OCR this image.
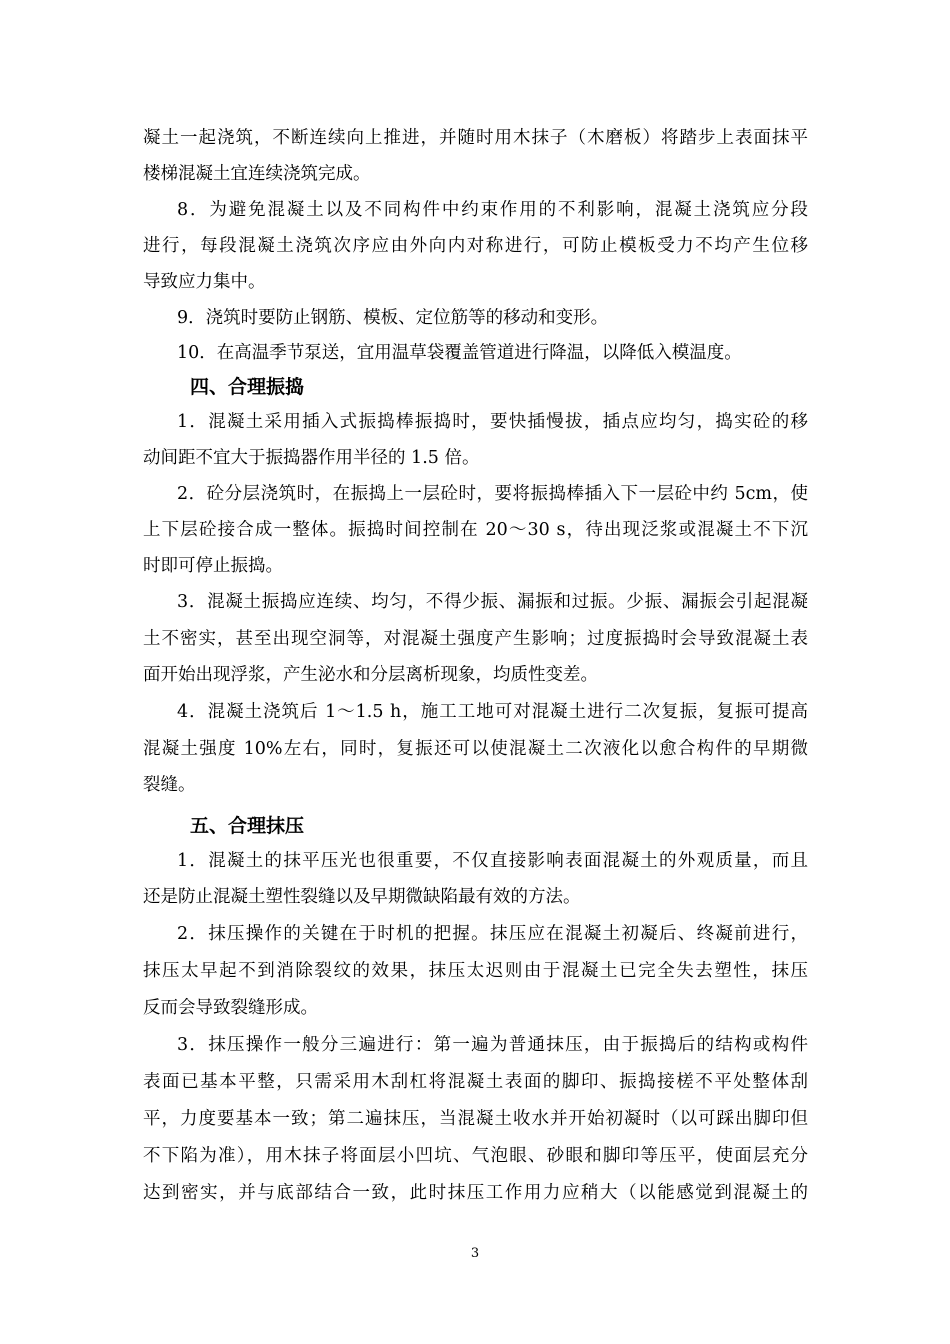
凝土一起浇筑，不断连续向上推进，并随时用木抹子（木磨板）将踏步上表面抹平
楼梯混凝土宜连续浇筑完成。
8．为避免混凝土以及不同构件中约束作用的不利影响，混凝土浇筑应分段
进行，每段混凝土浇筑次序应由外向内对称进行，可防止模板受力不均产生位移
导致应力集中。
9．浇筑时要防止钢筋、模板、定位筋等的移动和变形。
10．在高温季节泵送，宜用温草袋覆盖管道进行降温，以降低入模温度。
四、合理振捣
1．混凝土采用插入式振捣棒振捣时，要快插慢拔，插点应均匀，捣实砼的移
动间距不宜大于振捣器作用半径的 1.5 倍。
2．砼分层浇筑时，在振捣上一层砼时，要将振捣棒插入下一层砼中约 5cm，使
上下层砼接合成一整体。振捣时间控制在 20～30 s，待出现泛浆或混凝土不下沉
时即可停止振捣。
3．混凝土振捣应连续、均匀，不得少振、漏振和过振。少振、漏振会引起混凝
土不密实，甚至出现空洞等，对混凝土强度产生影响；过度振捣时会导致混凝土表
面开始出现浮浆，产生泌水和分层离析现象，均质性变差。
4．混凝土浇筑后 1～1.5 h，施工工地可对混凝土进行二次复振，复振可提高
混凝土强度 10%左右，同时，复振还可以使混凝土二次液化以愈合构件的早期微
裂缝。
五、合理抹压
1．混凝土的抹平压光也很重要，不仅直接影响表面混凝土的外观质量，而且
还是防止混凝土塑性裂缝以及早期微缺陷最有效的方法。
2．抹压操作的关键在于时机的把握。抹压应在混凝土初凝后、终凝前进行，
抹压太早起不到消除裂纹的效果，抹压太迟则由于混凝土已完全失去塑性，抹压
反而会导致裂缝形成。
3．抹压操作一般分三遍进行：第一遍为普通抹压，由于振捣后的结构或构件
表面已基本平整，只需采用木刮杠将混凝土表面的脚印、振捣接槎不平处整体刮
平，力度要基本一致；第二遍抹压，当混凝土收水并开始初凝时（以可踩出脚印但
不下陷为准），用木抹子将面层小凹坑、气泡眼、砂眼和脚印等压平，使面层充分
达到密实，并与底部结合一致，此时抹压工作用力应稍大（以能感觉到混凝土的
3
